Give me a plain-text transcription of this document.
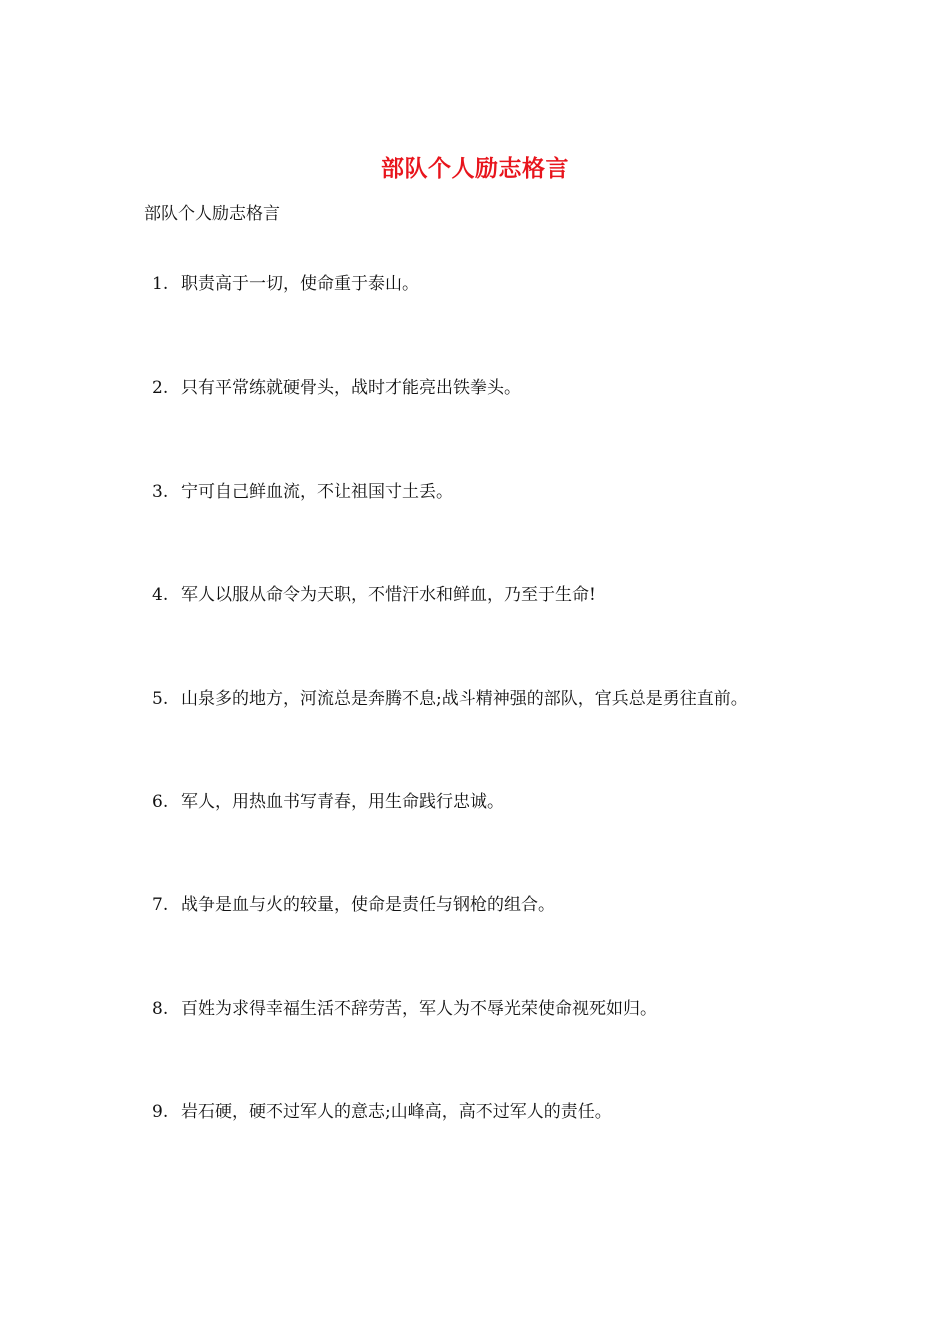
部队个人励志格言
部队个人励志格言
1. 职责高于一切，使命重于泰山。
2. 只有平常练就硬骨头，战时才能亮出铁拳头。
3. 宁可自己鲜血流，不让祖国寸土丢。
4. 军人以服从命令为天职，不惜汗水和鲜血，乃至于生命!
5. 山泉多的地方，河流总是奔腾不息;战斗精神强的部队，官兵总是勇往直前。
6. 军人，用热血书写青春，用生命践行忠诚。
7. 战争是血与火的较量，使命是责任与钢枪的组合。
8. 百姓为求得幸福生活不辞劳苦，军人为不辱光荣使命视死如归。
9. 岩石硬，硬不过军人的意志;山峰高，高不过军人的责任。
